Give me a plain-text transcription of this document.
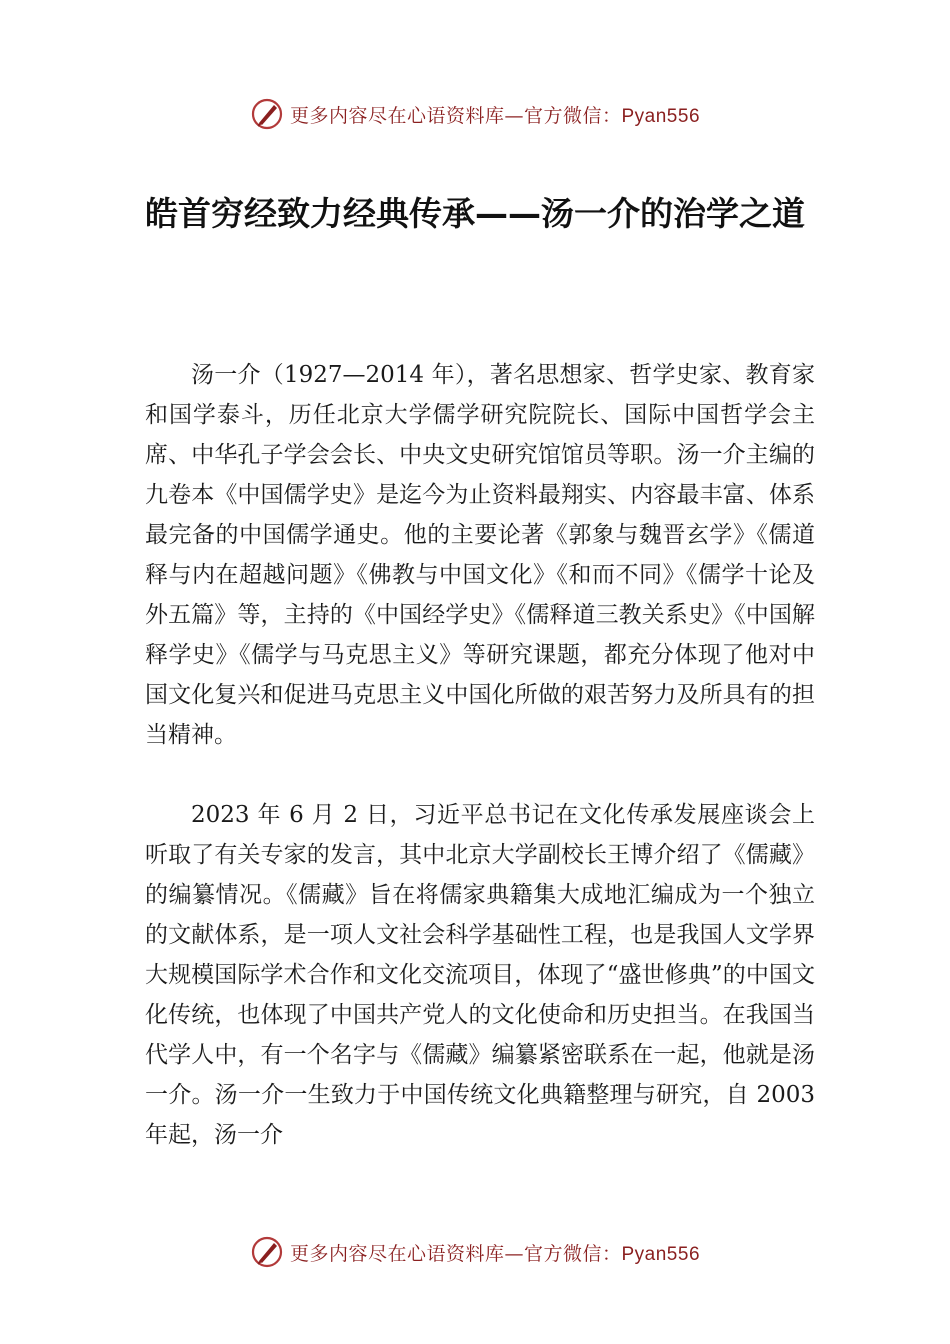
更多内容尽在心语资料库—官方微信：Pyan556
皓首穷经致力经典传承——汤一介的治学之道

汤一介（1927—2014 年），著名思想家、哲学史家、教育家和国学泰斗，历任北京大学儒学研究院院长、国际中国哲学会主席、中华孔子学会会长、中央文史研究馆馆员等职。汤一介主编的九卷本《中国儒学史》是迄今为止资料最翔实、内容最丰富、体系最完备的中国儒学通史。他的主要论著《郭象与魏晋玄学》《儒道释与内在超越问题》《佛教与中国文化》《和而不同》《儒学十论及外五篇》等，主持的《中国经学史》《儒释道三教关系史》《中国解释学史》《儒学与马克思主义》等研究课题，都充分体现了他对中国文化复兴和促进马克思主义中国化所做的艰苦努力及所具有的担当精神。

2023 年 6 月 2 日，习近平总书记在文化传承发展座谈会上听取了有关专家的发言，其中北京大学副校长王博介绍了《儒藏》的编纂情况。《儒藏》旨在将儒家典籍集大成地汇编成为一个独立的文献体系，是一项人文社会科学基础性工程，也是我国人文学界大规模国际学术合作和文化交流项目，体现了“盛世修典”的中国文化传统，也体现了中国共产党人的文化使命和历史担当。在我国当代学人中，有一个名字与《儒藏》编纂紧密联系在一起，他就是汤一介。汤一介一生致力于中国传统文化典籍整理与研究，自 2003 年起，汤一介

更多内容尽在心语资料库—官方微信：Pyan556
